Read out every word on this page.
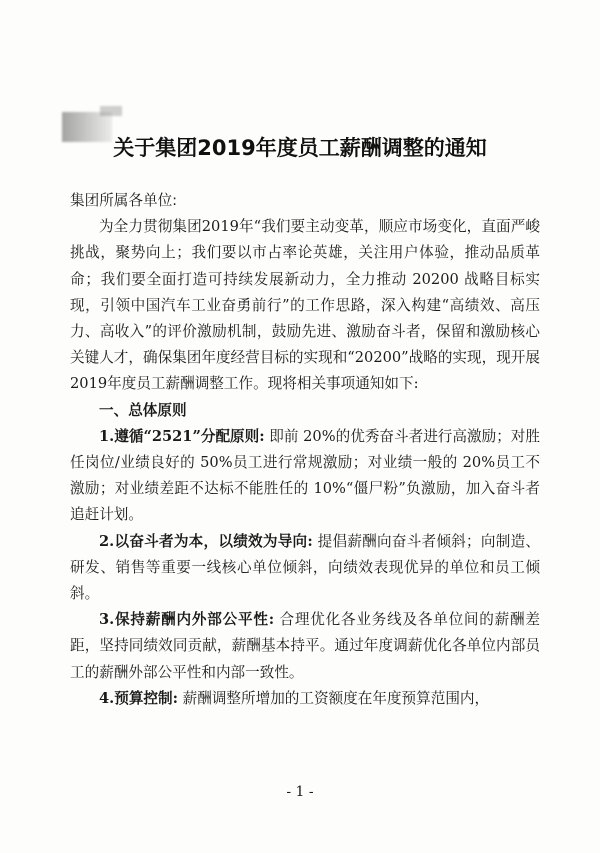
关于集团2019年度员工薪酬调整的通知

集团所属各单位:

为全力贯彻集团2019年“我们要主动变革，顺应市场变化，直面严峻挑战，聚势向上；我们要以市占率论英雄，关注用户体验，推动品质革命；我们要全面打造可持续发展新动力，全力推动 20200 战略目标实现，引领中国汽车工业奋勇前行”的工作思路，深入构建“高绩效、高压力、高收入”的评价激励机制，鼓励先进、激励奋斗者，保留和激励核心关键人才，确保集团年度经营目标的实现和“20200”战略的实现，现开展2019年度员工薪酬调整工作。现将相关事项通知如下:

一、总体原则

1.遵循“2521”分配原则: 即前 20%的优秀奋斗者进行高激励；对胜任岗位/业绩良好的 50%员工进行常规激励；对业绩一般的 20%员工不激励；对业绩差距不达标不能胜任的 10%“僵尸粉”负激励，加入奋斗者追赶计划。

2.以奋斗者为本，以绩效为导向: 提倡薪酬向奋斗者倾斜；向制造、研发、销售等重要一线核心单位倾斜，向绩效表现优异的单位和员工倾斜。

3.保持薪酬内外部公平性: 合理优化各业务线及各单位间的薪酬差距，坚持同绩效同贡献，薪酬基本持平。通过年度调薪优化各单位内部员工的薪酬外部公平性和内部一致性。

4.预算控制: 薪酬调整所增加的工资额度在年度预算范围内，

- 1 -
